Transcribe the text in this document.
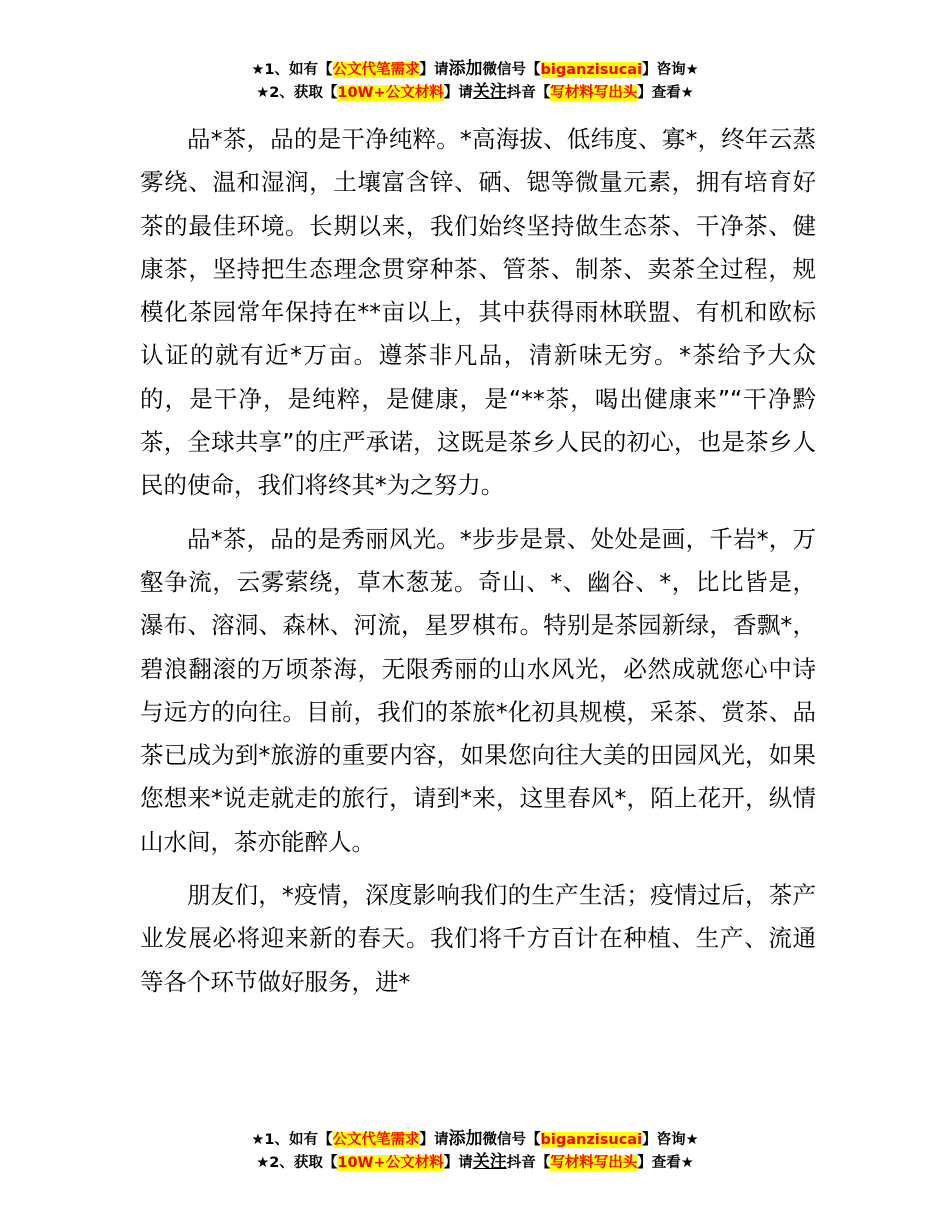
★1、如有【公文代笔需求】请添加微信号【biganzisucai】咨询★
★2、获取【10W+公文材料】请关注抖音【写材料写出头】查看★

品*茶，品的是干净纯粹。*高海拔、低纬度、寡*，终年云蒸雾绕、温和湿润，土壤富含锌、硒、锶等微量元素，拥有培育好茶的最佳环境。长期以来，我们始终坚持做生态茶、干净茶、健康茶，坚持把生态理念贯穿种茶、管茶、制茶、卖茶全过程，规模化茶园常年保持在**亩以上，其中获得雨林联盟、有机和欧标认证的就有近*万亩。遵茶非凡品，清新味无穷。*茶给予大众的，是干净，是纯粹，是健康，是“**茶，喝出健康来”“干净黔茶，全球共享”的庄严承诺，这既是茶乡人民的初心，也是茶乡人民的使命，我们将终其*为之努力。

品*茶，品的是秀丽风光。*步步是景、处处是画，千岩*，万壑争流，云雾萦绕，草木葱茏。奇山、*、幽谷、*，比比皆是，瀑布、溶洞、森林、河流，星罗棋布。特别是茶园新绿，香飘*，碧浪翻滚的万顷茶海，无限秀丽的山水风光，必然成就您心中诗与远方的向往。目前，我们的茶旅*化初具规模，采茶、赏茶、品茶已成为到*旅游的重要内容，如果您向往大美的田园风光，如果您想来*说走就走的旅行，请到*来，这里春风*，陌上花开，纵情山水间，茶亦能醉人。

朋友们，*疫情，深度影响我们的生产生活；疫情过后，茶产业发展必将迎来新的春天。我们将千方百计在种植、生产、流通等各个环节做好服务，进*

★1、如有【公文代笔需求】请添加微信号【biganzisucai】咨询★
★2、获取【10W+公文材料】请关注抖音【写材料写出头】查看★
